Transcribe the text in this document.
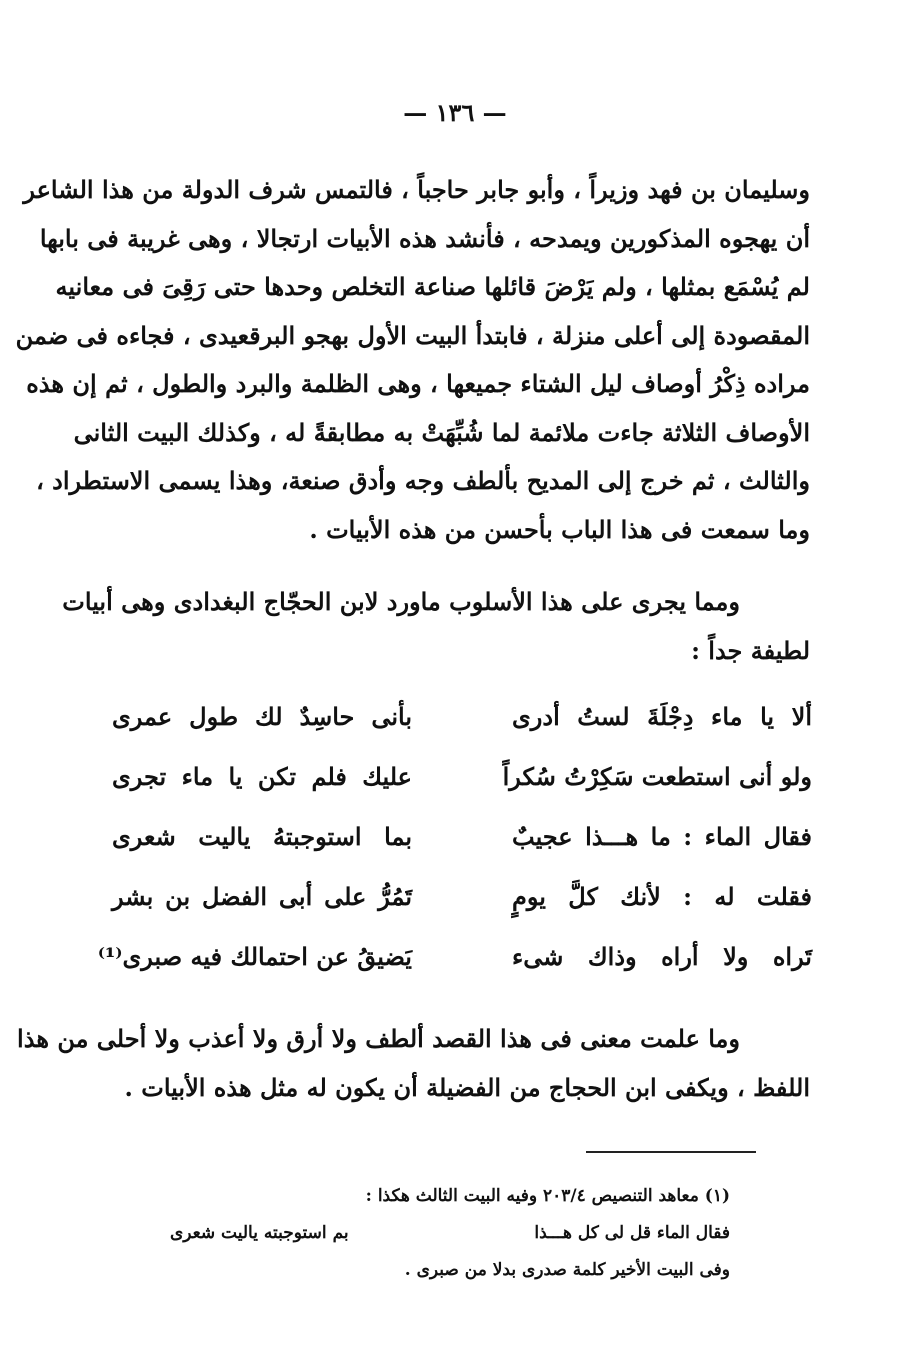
— ١٣٦ —
وسليمان بن فهد وزيراً ، وأبو جابر حاجباً ، فالتمس شرف الدولة من هذا الشاعر
أن يهجوه المذكورين ويمدحه ، فأنشد هذه الأبيات ارتجالا ، وهى غريبة فى بابها
لم يُسْمَع بمثلها ، ولم يَرْضَ قائلها صناعة التخلص وحدها حتى رَقِىَ فى معانيه
المقصودة إلى أعلى منزلة ، فابتدأ البيت الأول بهجو البرقعيدى ، فجاءه فى ضمن
مراده ذِكْرُ أوصاف ليل الشتاء جميعها ، وهى الظلمة والبرد والطول ، ثم إن هذه
الأوصاف الثلاثة جاءت ملائمة لما شُبِّهَتْ به مطابقةً له ، وكذلك البيت الثانى
والثالث ، ثم خرج إلى المديح بألطف وجه وأدق صنعة، وهذا يسمى الاستطراد ،
وما سمعت فى هذا الباب بأحسن من هذه الأبيات .
ومما يجرى على هذا الأسلوب ماورد لابن الحجّاج البغدادى وهى أبيات
لطيفة جداً :
ألا يا ماء دِجْلَةَ لستُ أدرى
بأنى حاسِدٌ لك طول عمرى
ولو أنى استطعت سَكِرْتُ سُكراً
عليك فلم تكن يا ماء تجرى
فقال الماء : ما هـــذا عجيبٌ
بما استوجبتهُ ياليت شعرى
فقلت له : لأنك كلَّ يومٍ
تَمُرُّ على أبى الفضل بن بشر
تَراه ولا أراه وذاك شىء
يَضيقُ عن احتمالك فيه صبرى⁽¹⁾
وما علمت معنى فى هذا القصد ألطف ولا أرق ولا أعذب ولا أحلى من هذا
اللفظ ، ويكفى ابن الحجاج من الفضيلة أن يكون له مثل هذه الأبيات .
(١) معاهد التنصيص ٢٠٣/٤ وفيه البيت الثالث هكذا :
فقال الماء قل لى كل هـــذا
بم استوجبته ياليت شعرى
وفى البيت الأخير كلمة صدرى بدلا من صبرى .
